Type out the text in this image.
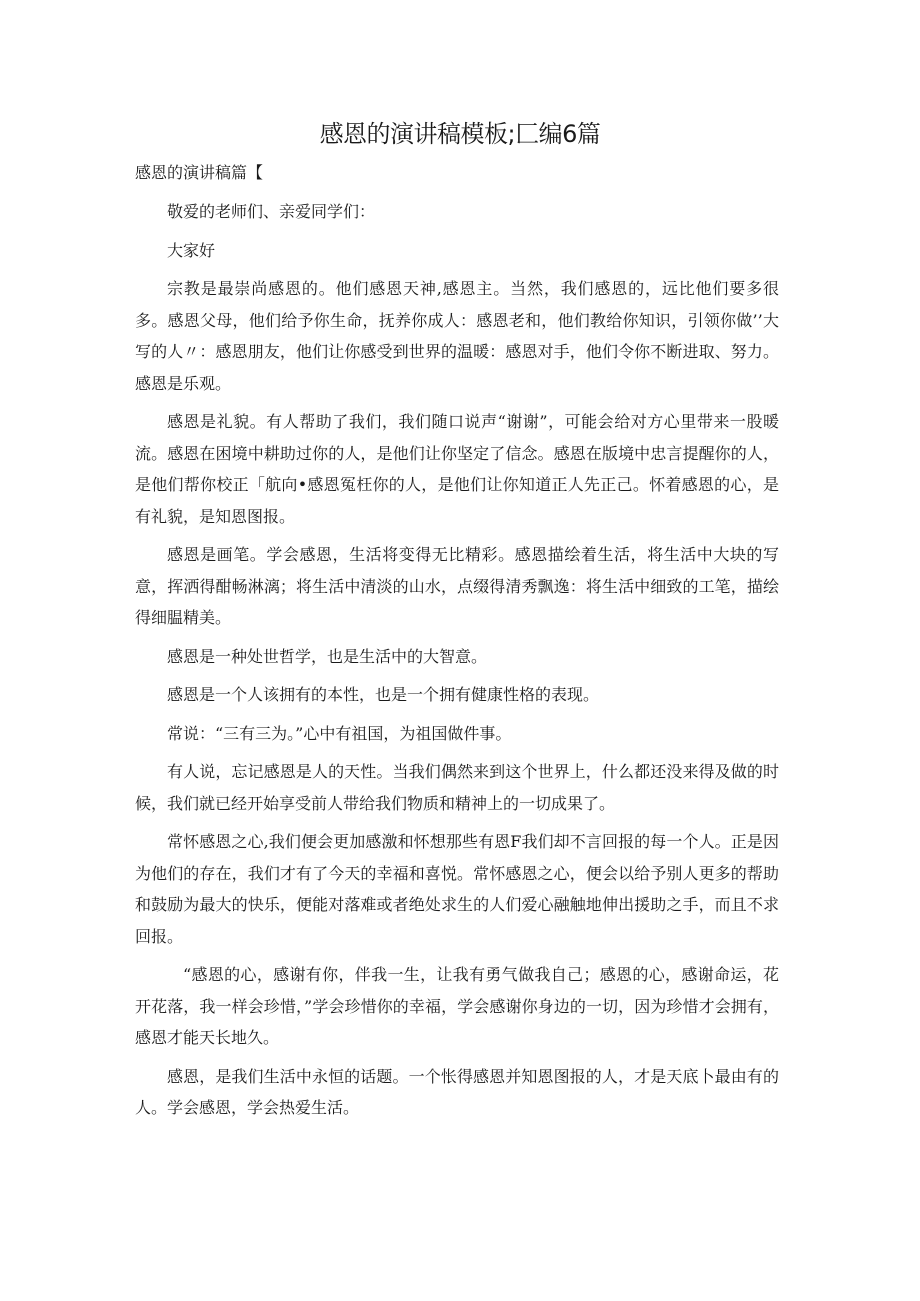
感恩的演讲稿模板;匚编6篇
感恩的演讲稿篇【

敬爱的老师们、亲爱同学们：

大家好

宗教是最崇尚感恩的。他们感恩天神,感恩主。当然，我们感恩的，远比他们要多很多。感恩父母，他们给予你生命，抚养你成人：感恩老和，他们教给你知识，引领你做’’大写的人〃：感恩朋友，他们让你感受到世界的温暖：感恩对手，他们令你不断进取、努力。感恩是乐观。

感恩是礼貌。有人帮助了我们，我们随口说声“谢谢”，可能会给对方心里带来一股暖流。感恩在困境中耕助过你的人，是他们让你坚定了信念。感恩在版境中忠言提醒你的人，是他们帮你校正「航向•感恩冤枉你的人，是他们让你知道正人先正己。怀着感恩的心，是有礼貌，是知恩图报。

感恩是画笔。学会感恩，生活将变得无比精彩。感恩描绘着生活，将生活中大块的写意，挥洒得酣畅淋漓；将生活中清淡的山水，点缀得清秀飘逸：将生活中细致的工笔，描绘得细腽精美。

感恩是一种处世哲学，也是生活中的大智意。

感恩是一个人该拥有的本性，也是一个拥有健康性格的表现。

常说：“三有三为。”心中有祖国，为祖国做件事。

有人说，忘记感恩是人的天性。当我们偶然来到这个世界上，什么都还没来得及做的时候，我们就已经开始享受前人带给我们物质和精神上的一切成果了。

常怀感恩之心,我们便会更加感激和怀想那些有恩F我们却不言回报的每一个人。正是因为他们的存在，我们才有了今天的幸福和喜悦。常怀感恩之心，便会以给予别人更多的帮助和鼓励为最大的快乐，便能对落难或者绝处求生的人们爱心融触地伸出援助之手，而且不求回报。

“感恩的心，感谢有你，伴我一生，让我有勇气做我自己；感恩的心，感谢命运，花开花落，我一样会珍惜，”学会珍惜你的幸福，学会感谢你身边的一切，因为珍惜才会拥有，感恩才能天长地久。

感恩，是我们生活中永恒的话题。一个怅得感恩并知恩图报的人，才是天底卜最由有的人。学会感恩，学会热爱生活。
